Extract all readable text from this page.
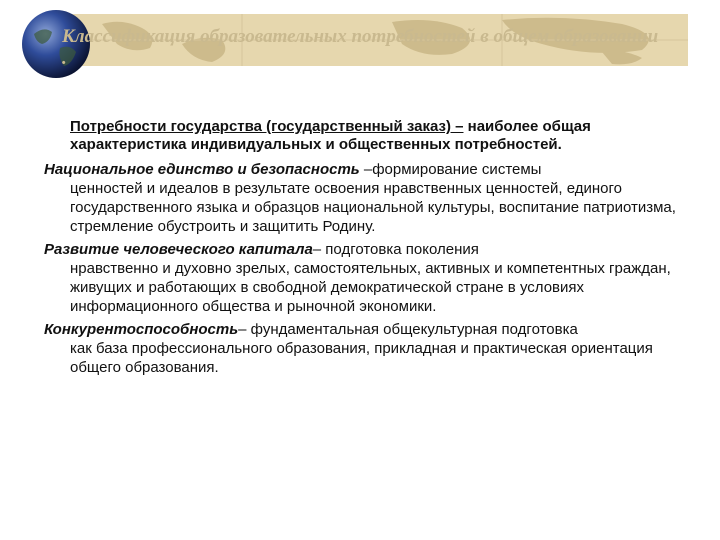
Классификация образовательных потребностей в общем образовании .

Потребности государства (государственный заказ) – наиболее общая характеристика индивидуальных и общественных потребностей.

Национальное единство и безопасность –формирование системы
ценностей и идеалов в результате освоения нравственных ценностей, единого государственного языка и образцов национальной культуры, воспитание патриотизма, стремление обустроить и защитить Родину.
Развитие человеческого капитала– подготовка поколения
нравственно и духовно зрелых, самостоятельных, активных и компетентных граждан, живущих и работающих в свободной демократической стране в условиях информационного общества и рыночной экономики.
Конкурентоспособность– фундаментальная общекультурная подготовка
как база профессионального образования, прикладная и практическая ориентация общего образования.
